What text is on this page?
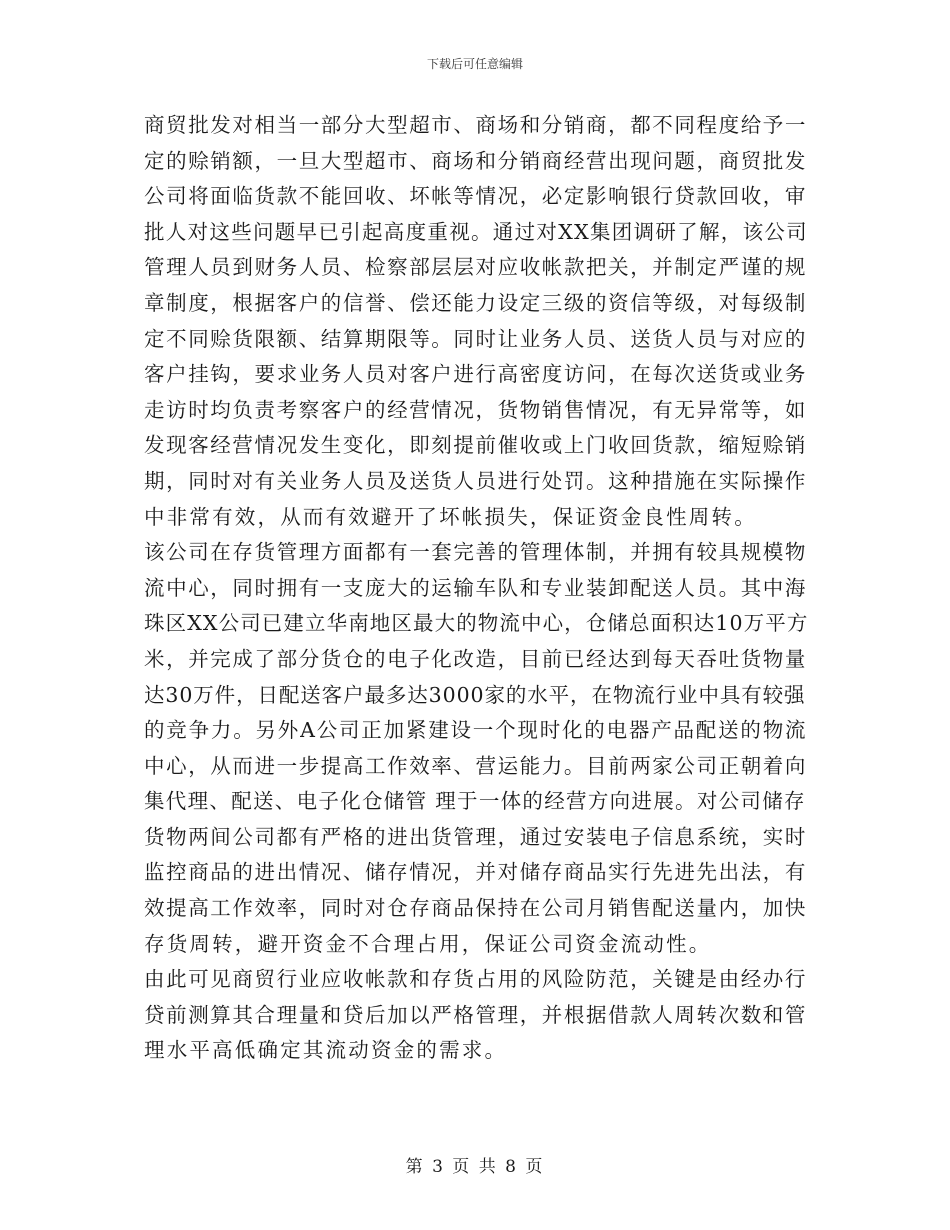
下载后可任意编辑
商贸批发对相当一部分大型超市、商场和分销商，都不同程度给予一
定的赊销额，一旦大型超市、商场和分销商经营出现问题，商贸批发
公司将面临货款不能回收、坏帐等情况，必定影响银行贷款回收，审
批人对这些问题早已引起高度重视。通过对XX集团调研了解，该公司
管理人员到财务人员、检察部层层对应收帐款把关，并制定严谨的规
章制度，根据客户的信誉、偿还能力设定三级的资信等级，对每级制
定不同赊货限额、结算期限等。同时让业务人员、送货人员与对应的
客户挂钩，要求业务人员对客户进行高密度访问，在每次送货或业务
走访时均负责考察客户的经营情况，货物销售情况，有无异常等，如
发现客经营情况发生变化，即刻提前催收或上门收回货款，缩短赊销
期，同时对有关业务人员及送货人员进行处罚。这种措施在实际操作
中非常有效，从而有效避开了坏帐损失，保证资金良性周转。
该公司在存货管理方面都有一套完善的管理体制，并拥有较具规模物
流中心，同时拥有一支庞大的运输车队和专业装卸配送人员。其中海
珠区XX公司已建立华南地区最大的物流中心，仓储总面积达10万平方
米，并完成了部分货仓的电子化改造，目前已经达到每天吞吐货物量
达30万件，日配送客户最多达3000家的水平，在物流行业中具有较强
的竞争力。另外A公司正加紧建设一个现时化的电器产品配送的物流
中心，从而进一步提高工作效率、营运能力。目前两家公司正朝着向
集代理、配送、电子化仓储管 理于一体的经营方向进展。对公司储存
货物两间公司都有严格的进出货管理，通过安装电子信息系统，实时
监控商品的进出情况、储存情况，并对储存商品实行先进先出法，有
效提高工作效率，同时对仓存商品保持在公司月销售配送量内，加快
存货周转，避开资金不合理占用，保证公司资金流动性。
由此可见商贸行业应收帐款和存货占用的风险防范，关键是由经办行
贷前测算其合理量和贷后加以严格管理，并根据借款人周转次数和管
理水平高低确定其流动资金的需求。
第 3 页 共 8 页
